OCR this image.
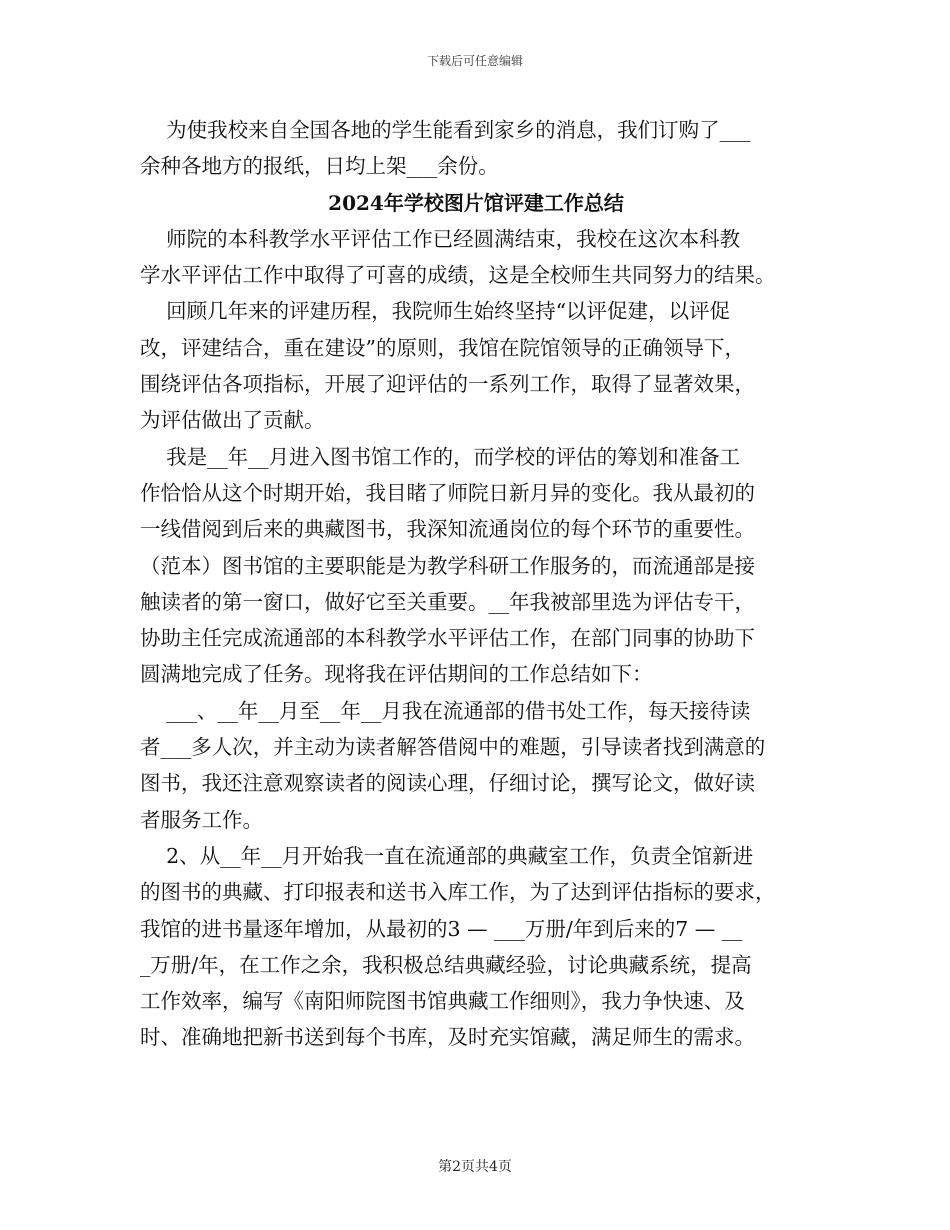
下载后可任意编辑
为使我校来自全国各地的学生能看到家乡的消息，我们订购了___
余种各地方的报纸，日均上架___余份。
2024年学校图片馆评建工作总结
师院的本科教学水平评估工作已经圆满结束，我校在这次本科教
学水平评估工作中取得了可喜的成绩，这是全校师生共同努力的结果。
回顾几年来的评建历程，我院师生始终坚持“以评促建，以评促
改，评建结合，重在建设”的原则，我馆在院馆领导的正确领导下，
围绕评估各项指标，开展了迎评估的一系列工作，取得了显著效果，
为评估做出了贡献。
我是__年__月进入图书馆工作的，而学校的评估的筹划和准备工
作恰恰从这个时期开始，我目睹了师院日新月异的变化。我从最初的
一线借阅到后来的典藏图书，我深知流通岗位的每个环节的重要性。
（范本）图书馆的主要职能是为教学科研工作服务的，而流通部是接
触读者的第一窗口，做好它至关重要。__年我被部里选为评估专干，
协助主任完成流通部的本科教学水平评估工作，在部门同事的协助下
圆满地完成了任务。现将我在评估期间的工作总结如下：
___、__年__月至__年__月我在流通部的借书处工作，每天接待读
者___多人次，并主动为读者解答借阅中的难题，引导读者找到满意的
图书，我还注意观察读者的阅读心理，仔细讨论，撰写论文，做好读
者服务工作。
2、从__年__月开始我一直在流通部的典藏室工作，负责全馆新进
的图书的典藏、打印报表和送书入库工作，为了达到评估指标的要求，
我馆的进书量逐年增加，从最初的3 — ___万册/年到后来的7 — __
_万册/年，在工作之余，我积极总结典藏经验，讨论典藏系统，提高
工作效率，编写《南阳师院图书馆典藏工作细则》，我力争快速、及
时、准确地把新书送到每个书库，及时充实馆藏，满足师生的需求。
第2页共4页
